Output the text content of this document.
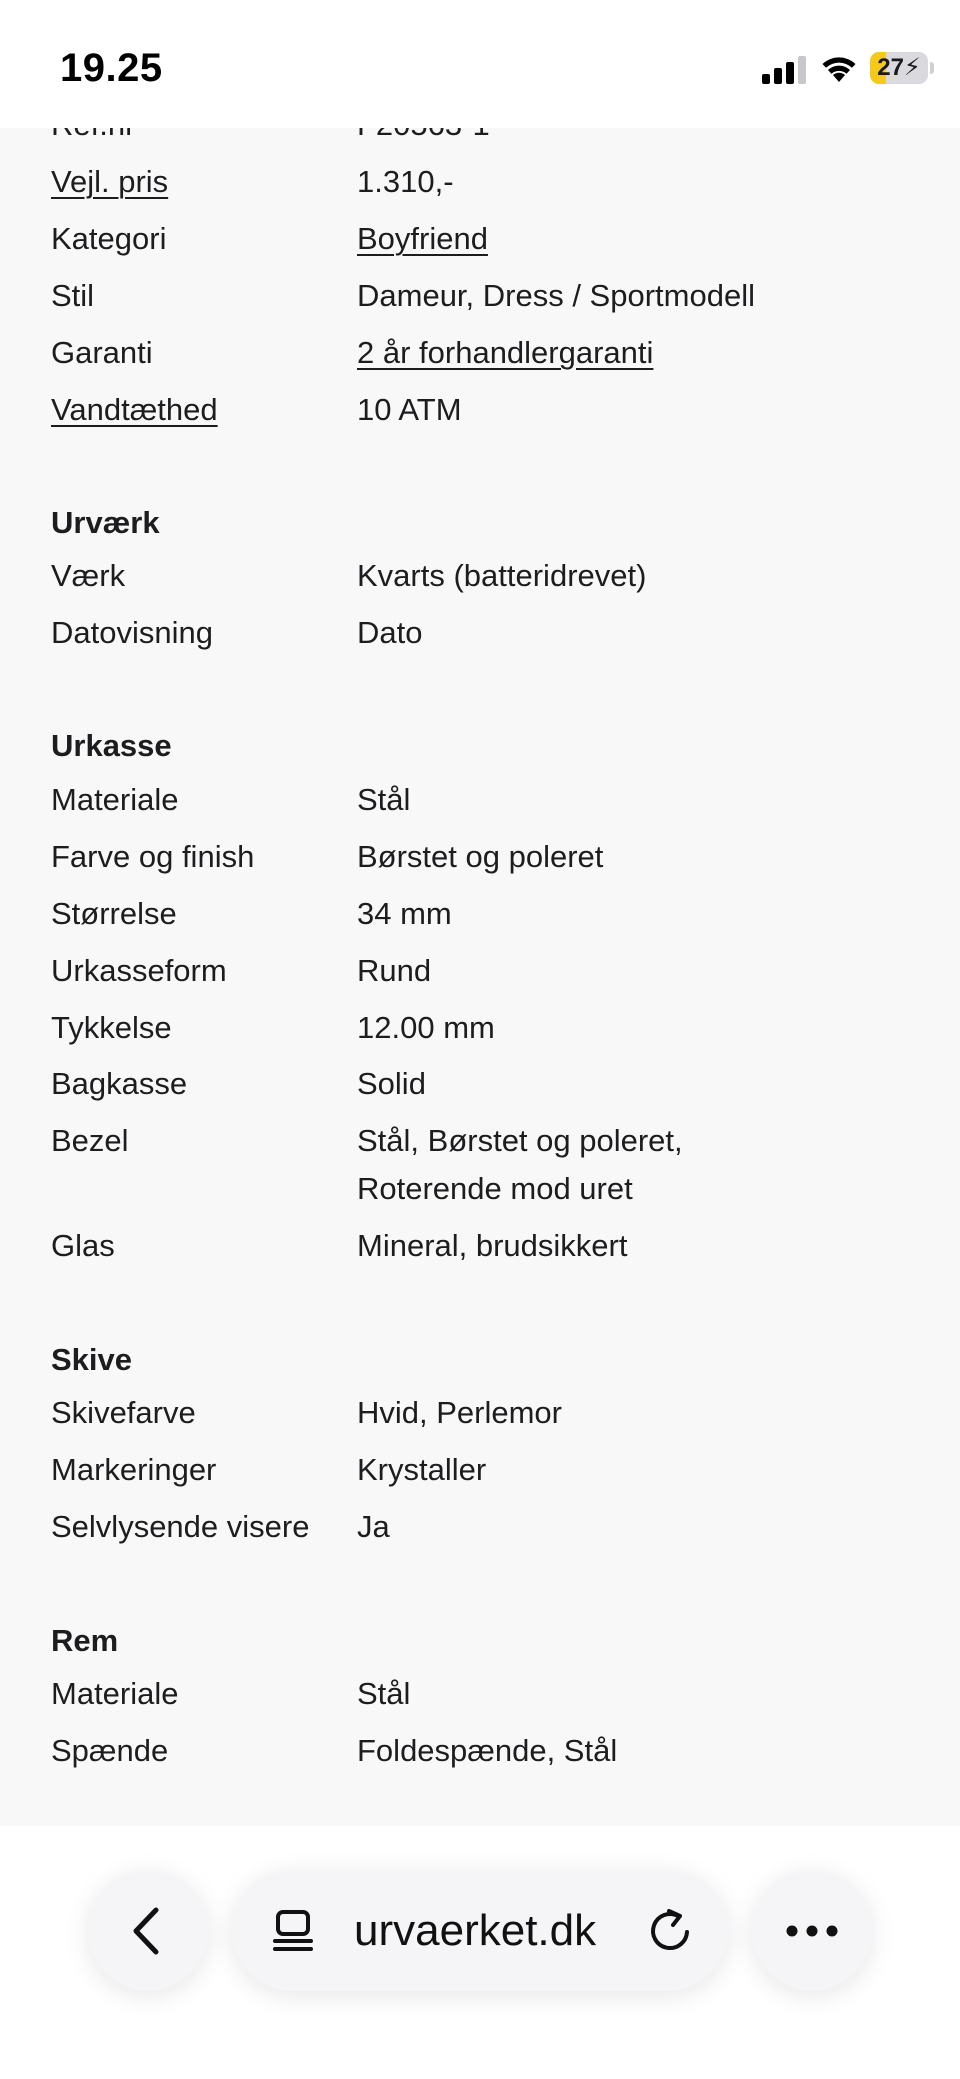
Vejl. pris	1.310,-
Kategori	Boyfriend
Stil	Dameur, Dress / Sportmodell
Garanti	2 år forhandlergaranti
Vandtæthed	10 ATM
Urværk
Værk	Kvarts (batteridrevet)
Datovisning	Dato
Urkasse
Materiale	Stål
Farve og finish	Børstet og poleret
Størrelse	34 mm
Urkasseform	Rund
Tykkelse	12.00 mm
Bagkasse	Solid
Bezel	Stål, Børstet og poleret,
Roterende mod uret
Glas	Mineral, brudsikkert
Skive
Skivefarve	Hvid, Perlemor
Markeringer	Krystaller
Selvlysende visere Ja
Rem
Materiale	Stål
Spænde	Foldespænde, Stål
19.25	27⚡
urvaerket.dk
